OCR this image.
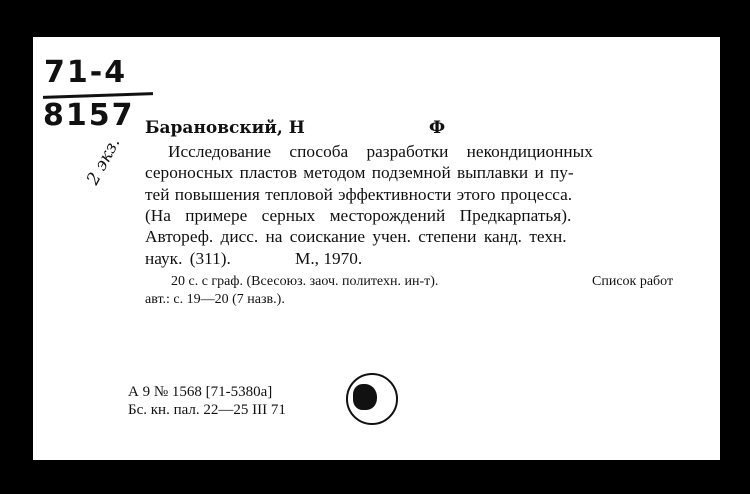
71-4
8157
2 экз.
Барановский, Н	Ф
Исследование способа разработки некондиционных
сероносных пластов методом подземной выплавки и пу-
тей повышения тепловой эффективности этого процесса.
(На примере серных месторождений Предкарпатья).
Автореф. дисс. на соискание учен. степени канд. техн.
наук. (311).	М., 1970.
20 с. с граф. (Всесоюз. заоч. политехн. ин-т).	Список работ
авт.: с. 19—20 (7 назв.).
А 9 № 1568 [71-5380а]
Бс. кн. пал. 22—25 III 71
